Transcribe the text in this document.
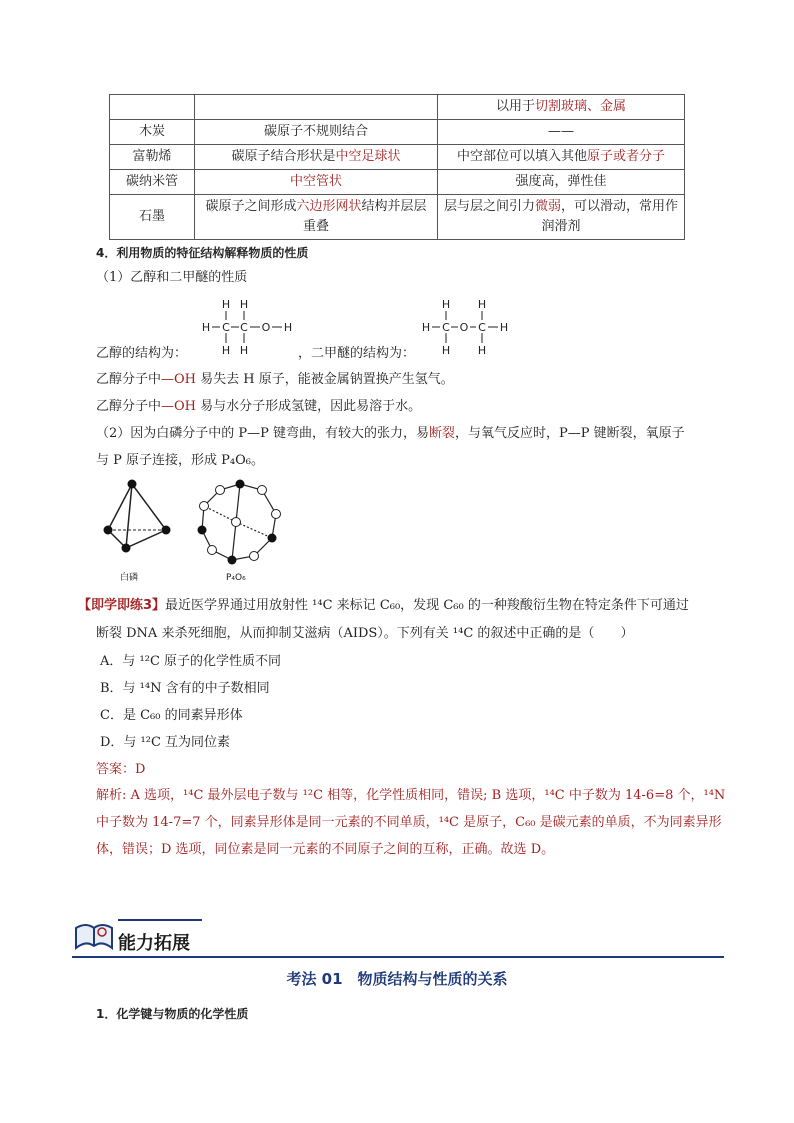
		以用于切割玻璃、金属
木炭	碳原子不规则结合	——
富勒烯	碳原子结合形状是中空足球状	中空部位可以填入其他原子或者分子
碳纳米管	中空管状	强度高，弹性佳
石墨	碳原子之间形成六边形网状结构并层层重叠	层与层之间引力微弱，可以滑动，常用作润滑剂
4．利用物质的特征结构解释物质的性质
（1）乙醇和二甲醚的性质
乙醇的结构为：
H H
H C C O H
H H	，二甲醚的结构为：
H	H
H C O C H
H	H
乙醇分子中—OH 易失去 H 原子，能被金属钠置换产生氢气。
乙醇分子中—OH 易与水分子形成氢键，因此易溶于水。
（2）因为白磷分子中的 P—P 键弯曲，有较大的张力，易断裂，与氧气反应时，P—P 键断裂，氧原子
与 P 原子连接，形成 P₄O₆。
白磷	P₄O₆
【即学即练3】最近医学界通过用放射性 ¹⁴C 来标记 C₆₀，发现 C₆₀ 的一种羧酸衍生物在特定条件下可通过
断裂 DNA 来杀死细胞，从而抑制艾滋病（AIDS）。下列有关 ¹⁴C 的叙述中正确的是（　　）
A．与 ¹²C 原子的化学性质不同
B．与 ¹⁴N 含有的中子数相同
C．是 C₆₀ 的同素异形体
D．与 ¹²C 互为同位素
答案：D
解析: A 选项，¹⁴C 最外层电子数与 ¹²C 相等，化学性质相同，错误; B 选项，¹⁴C 中子数为 14-6=8 个，¹⁴N
中子数为 14-7=7 个，同素异形体是同一元素的不同单质，¹⁴C 是原子，C₆₀ 是碳元素的单质，不为同素异形
体，错误；D 选项，同位素是同一元素的不同原子之间的互称，正确。故选 D。
能力拓展
考法 01　物质结构与性质的关系
1．化学键与物质的化学性质
